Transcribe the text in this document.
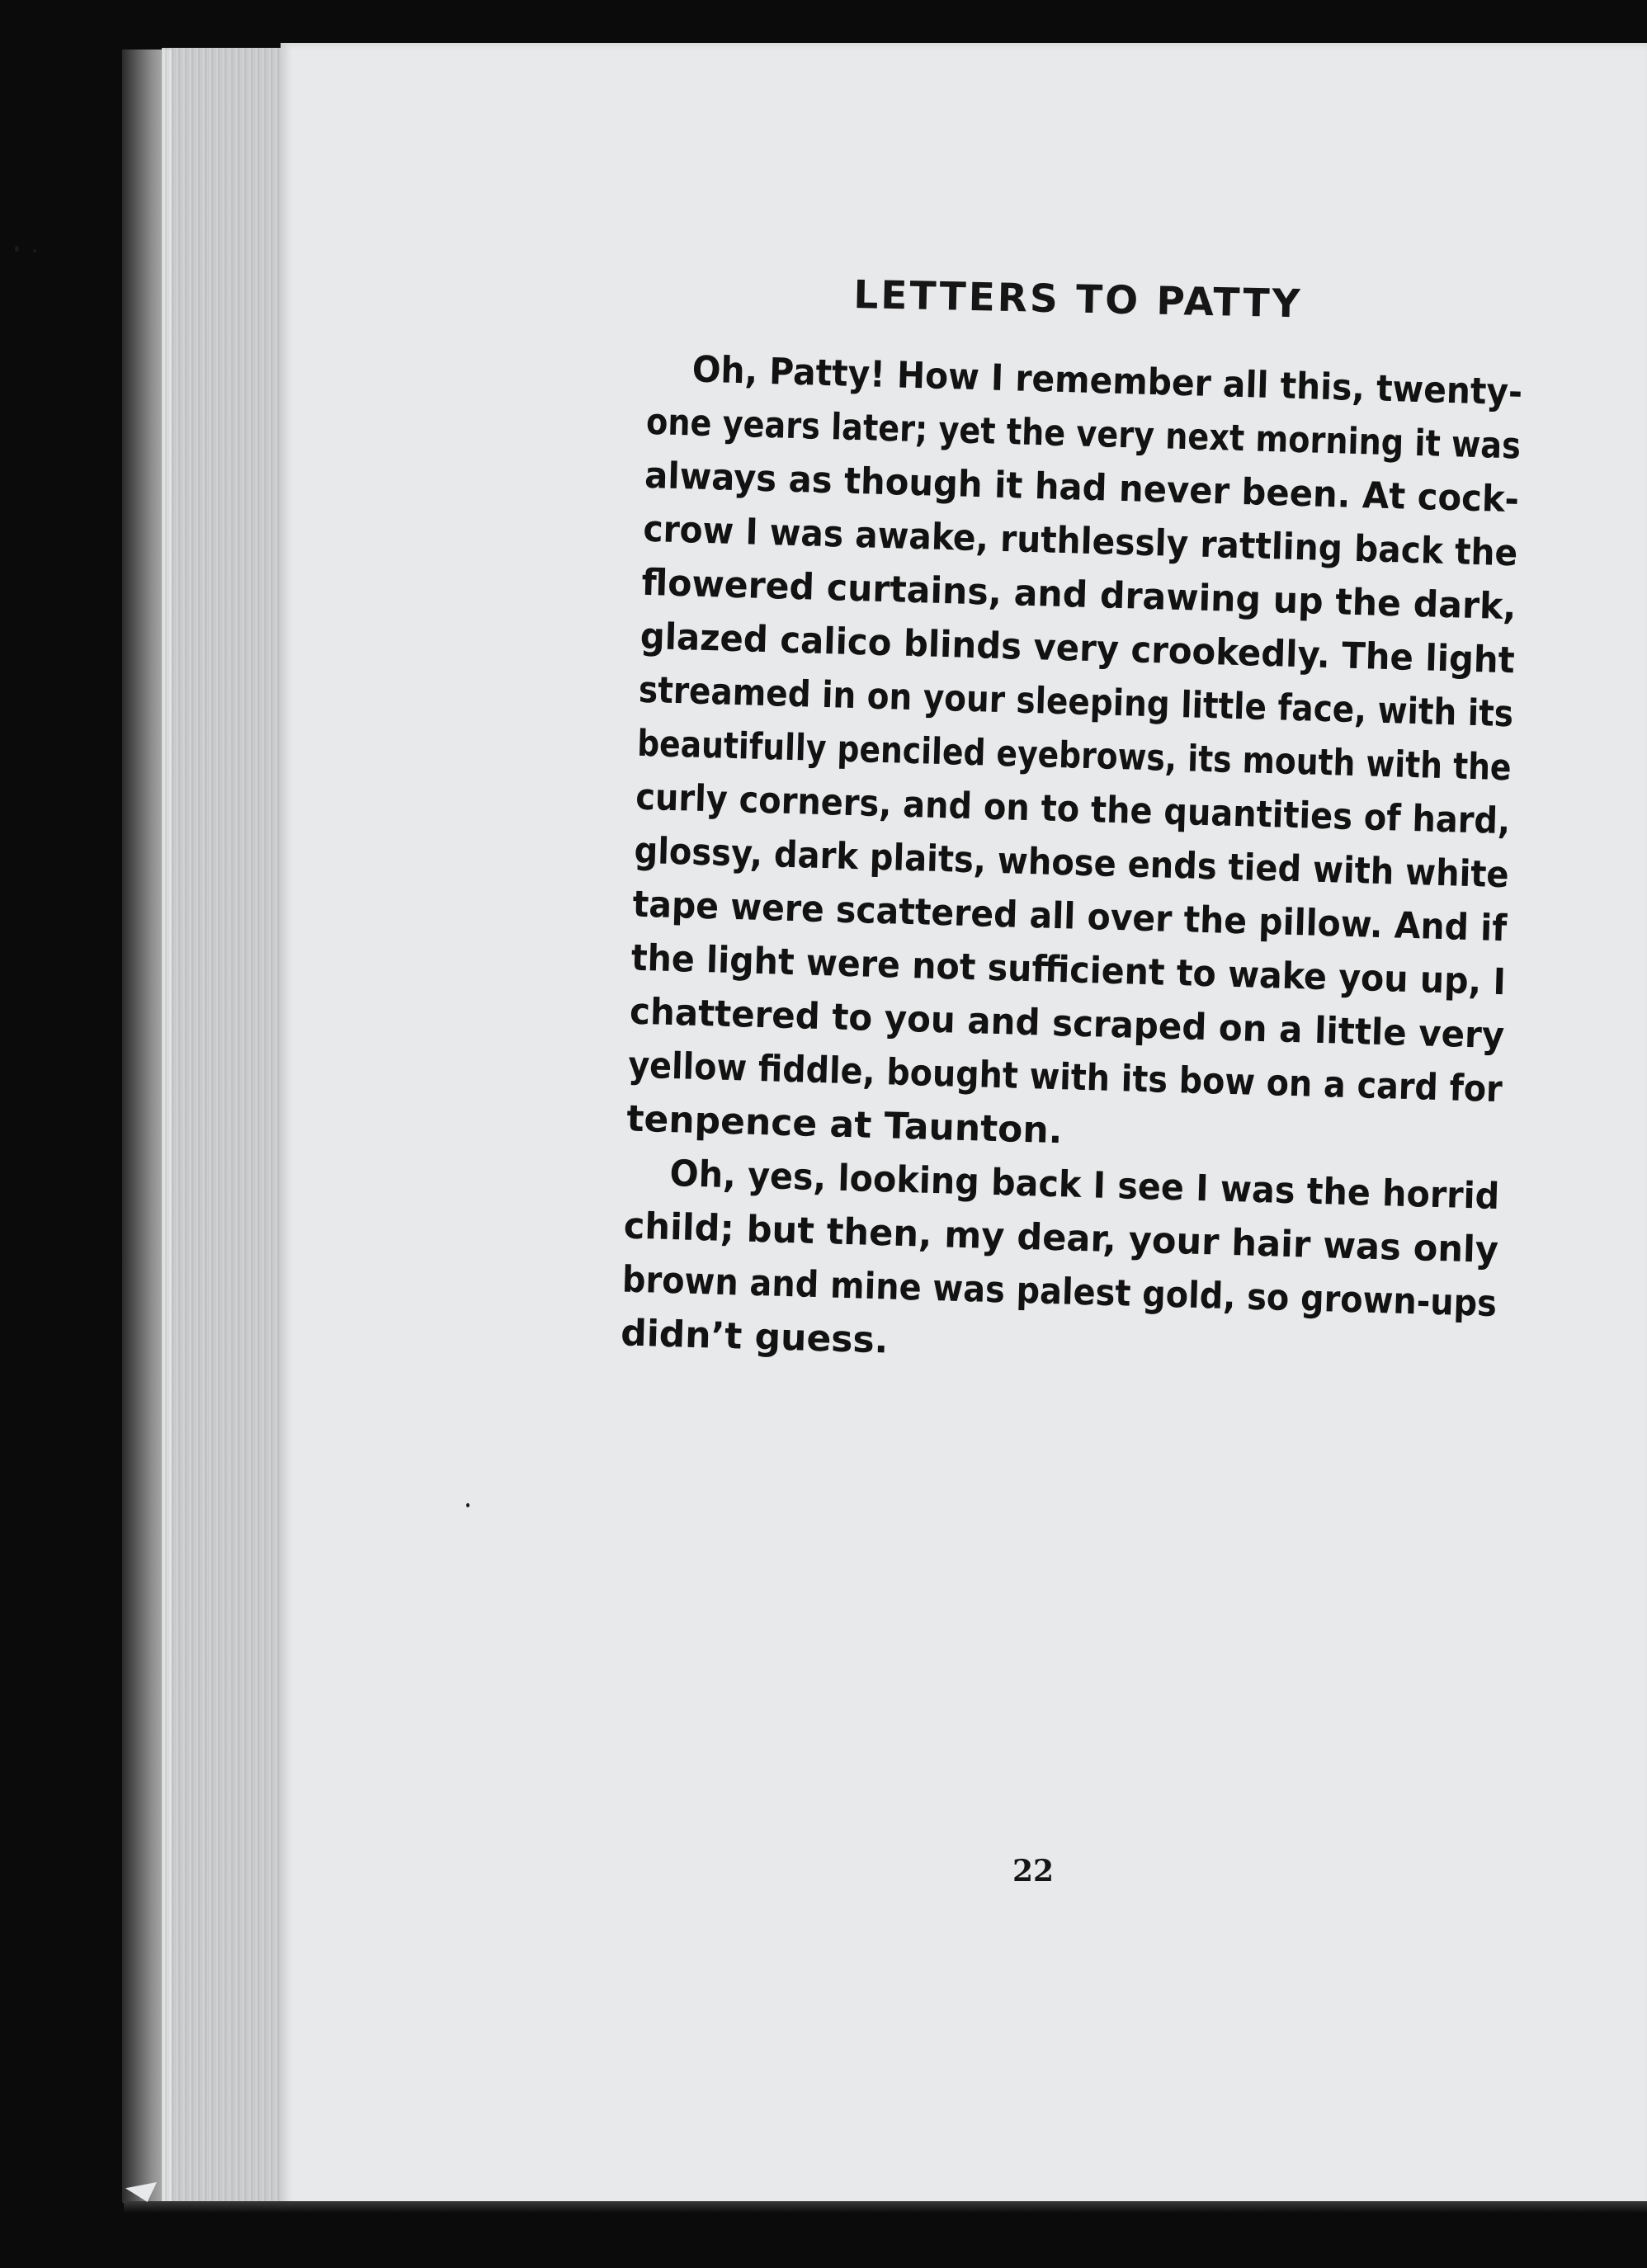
LETTERS TO PATTY
Oh, Patty! How I remember all this, twenty-
one years later; yet the very next morning it was
always as though it had never been. At cock-
crow I was awake, ruthlessly rattling back the
flowered curtains, and drawing up the dark,
glazed calico blinds very crookedly. The light
streamed in on your sleeping little face, with its
beautifully penciled eyebrows, its mouth with the
curly corners, and on to the quantities of hard,
glossy, dark plaits, whose ends tied with white
tape were scattered all over the pillow. And if
the light were not sufficient to wake you up, I
chattered to you and scraped on a little very
yellow fiddle, bought with its bow on a card for
tenpence at Taunton.
Oh, yes, looking back I see I was the horrid
child; but then, my dear, your hair was only
brown and mine was palest gold, so grown-ups
didn’t guess.
22
